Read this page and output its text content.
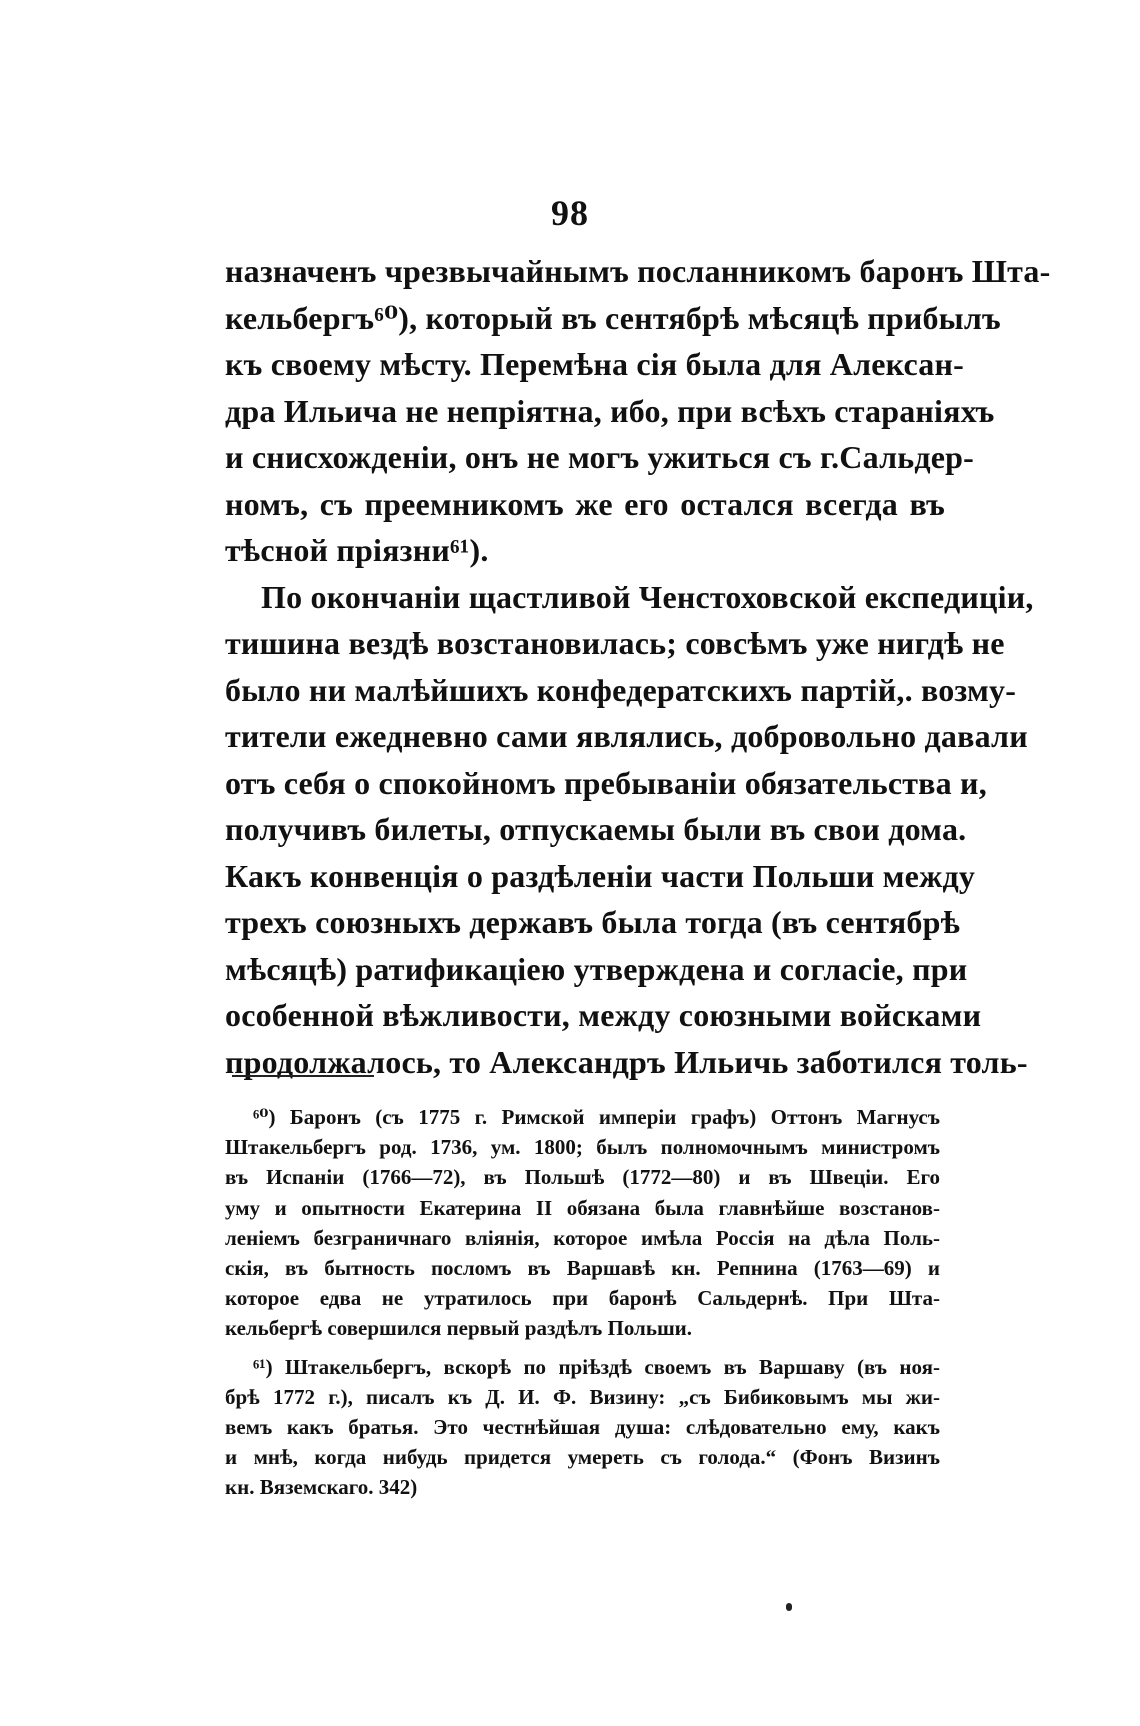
98
назначенъ чрезвычайнымъ посланникомъ баронъ Шта-
кельбергъ⁶⁰), который въ сентябрѣ мѣсяцѣ прибылъ
къ своему мѣсту. Перемѣна сія была для Алексан-
дра Ильича не непріятна, ибо, при всѣхъ стараніяхъ
и снисхожденіи, онъ не могъ ужиться съ г.Сальдер-
номъ, съ преемникомъ же его остался всегда въ
тѣсной пріязни⁶¹).
По окончаніи щастливой Ченстоховской експедиціи,
тишина вездѣ возстановилась; совсѣмъ уже нигдѣ не
было ни малѣйшихъ конфедератскихъ партій,. возму-
тители ежедневно сами являлись, добровольно давали
отъ себя о спокойномъ пребываніи обязательства и,
получивъ билеты, отпускаемы были въ свои дома.
Какъ конвенція о раздѣленіи части Польши между
трехъ союзныхъ державъ была тогда (въ сентябрѣ
мѣсяцѣ) ратификаціею утверждена и согласіе, при
особенной вѣжливости, между союзными войсками
продолжалось, то Александръ Ильичь заботился толь-
⁶⁰) Баронъ (съ 1775 г. Римской имперіи графъ) Оттонъ Магнусъ
Штакельбергъ род. 1736, ум. 1800; былъ полномочнымъ министромъ
въ Испаніи (1766—72), въ Польшѣ (1772—80) и въ Швеціи. Его
уму и опытности Екатерина II обязана была главнѣйше возстанов-
леніемъ безграничнаго вліянія, которое имѣла Россія на дѣла Поль-
скія, въ бытность посломъ въ Варшавѣ кн. Репнина (1763—69) и
которое едва не утратилось при баронѣ Сальдернѣ. При Шта-
кельбергѣ совершился первый раздѣлъ Польши.
⁶¹) Штакельбергъ, вскорѣ по пріѣздѣ своемъ въ Варшаву (въ ноя-
брѣ 1772 г.), писалъ къ Д. И. Ф. Визину: „съ Бибиковымъ мы жи-
вемъ какъ братья. Это честнѣйшая душа: слѣдовательно ему, какъ
и мнѣ, когда нибудь придется умереть съ голода.“ (Фонъ Визинъ
кн. Вяземскаго. 342)
